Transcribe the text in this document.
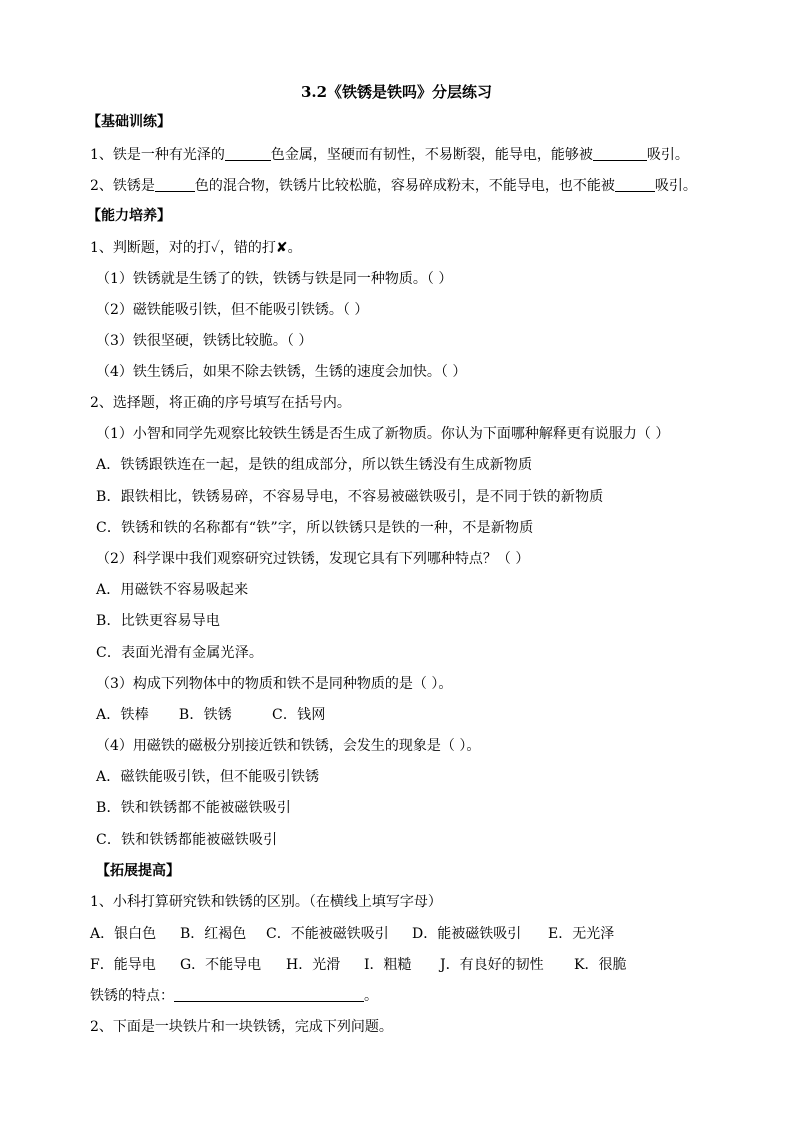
3.2《铁锈是铁吗》分层练习
【基础训练】
1、铁是一种有光泽的	色金属，坚硬而有韧性，不易断裂，能导电，能够被	吸引。
2、铁锈是	色的混合物，铁锈片比较松脆，容易碎成粉末，不能导电，也不能被	吸引。
【能力培养】
1、判断题，对的打✓，错的打✘。
（1）铁锈就是生锈了的铁，铁锈与铁是同一种物质。（ ）
（2）磁铁能吸引铁，但不能吸引铁锈。（ ）
（3）铁很坚硬，铁锈比较脆。（ ）
（4）铁生锈后，如果不除去铁锈，生锈的速度会加快。（ ）
2、选择题，将正确的序号填写在括号内。
（1）小智和同学先观察比较铁生锈是否生成了新物质。你认为下面哪种解释更有说服力（ ）
A．铁锈跟铁连在一起，是铁的组成部分，所以铁生锈没有生成新物质
B．跟铁相比，铁锈易碎，不容易导电，不容易被磁铁吸引，是不同于铁的新物质
C．铁锈和铁的名称都有“铁”字，所以铁锈只是铁的一种，不是新物质
（2）科学课中我们观察研究过铁锈，发现它具有下列哪种特点？（ ）
A．用磁铁不容易吸起来
B．比铁更容易导电
C．表面光滑有金属光泽。
（3）构成下列物体中的物质和铁不是同种物质的是（ ）。
A．铁棒 B．铁锈	C．钱网
（4）用磁铁的磁极分别接近铁和铁锈，会发生的现象是（ ）。
A．磁铁能吸引铁，但不能吸引铁锈
B．铁和铁锈都不能被磁铁吸引
C．铁和铁锈都能被磁铁吸引
【拓展提高】
1、小科打算研究铁和铁锈的区别。（在横线上填写字母）
A．银白色 B．红褐色 C．不能被磁铁吸引 D．能被磁铁吸引 E．无光泽
F．能导电 G．不能导电 H．光滑 I．粗糙 J．有良好的韧性 K．很脆
铁锈的特点：	。
2、下面是一块铁片和一块铁锈，完成下列问题。
